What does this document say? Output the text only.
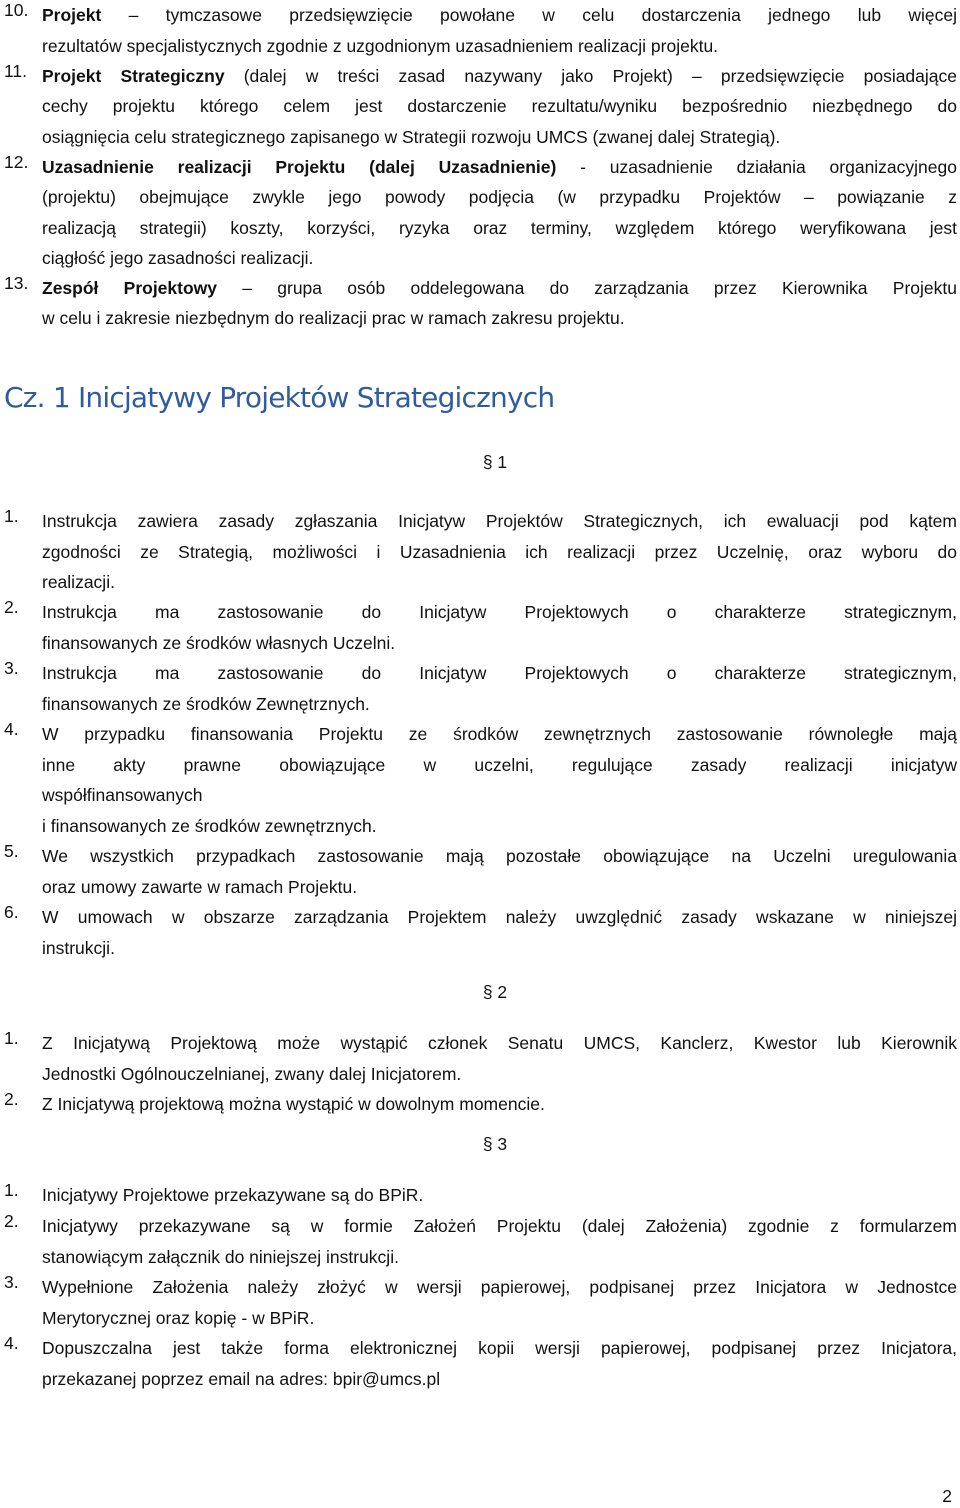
10. Projekt – tymczasowe przedsięwzięcie powołane w celu dostarczenia jednego lub więcej
rezultatów specjalistycznych zgodnie z uzgodnionym uzasadnieniem realizacji projektu.
11. Projekt Strategiczny (dalej w treści zasad nazywany jako Projekt) – przedsięwzięcie posiadające
cechy projektu którego celem jest dostarczenie rezultatu/wyniku bezpośrednio niezbędnego do
osiągnięcia celu strategicznego zapisanego w Strategii rozwoju UMCS (zwanej dalej Strategią).
12. Uzasadnienie realizacji Projektu (dalej Uzasadnienie) - uzasadnienie działania organizacyjnego
(projektu) obejmujące zwykle jego powody podjęcia (w przypadku Projektów – powiązanie z
realizacją strategii) koszty, korzyści, ryzyka oraz terminy, względem którego weryfikowana jest
ciągłość jego zasadności realizacji.
13. Zespół Projektowy – grupa osób oddelegowana do zarządzania przez Kierownika Projektu
w celu i zakresie niezbędnym do realizacji prac w ramach zakresu projektu.
Cz. 1 Inicjatywy Projektów Strategicznych
§ 1
1. Instrukcja zawiera zasady zgłaszania Inicjatyw Projektów Strategicznych, ich ewaluacji pod kątem
zgodności ze Strategią, możliwości i Uzasadnienia ich realizacji przez Uczelnię, oraz wyboru do
realizacji.
2. Instrukcja ma zastosowanie do Inicjatyw Projektowych o charakterze strategicznym,
finansowanych ze środków własnych Uczelni.
3. Instrukcja ma zastosowanie do Inicjatyw Projektowych o charakterze strategicznym,
finansowanych ze środków Zewnętrznych.
4. W przypadku finansowania Projektu ze środków zewnętrznych zastosowanie równoległe mają
inne akty prawne obowiązujące w uczelni, regulujące zasady realizacji inicjatyw
współfinansowanych
i finansowanych ze środków zewnętrznych.
5. We wszystkich przypadkach zastosowanie mają pozostałe obowiązujące na Uczelni uregulowania
oraz umowy zawarte w ramach Projektu.
6. W umowach w obszarze zarządzania Projektem należy uwzględnić zasady wskazane w niniejszej
instrukcji.
§ 2
1. Z Inicjatywą Projektową może wystąpić członek Senatu UMCS, Kanclerz, Kwestor lub Kierownik
Jednostki Ogólnouczelnianej, zwany dalej Inicjatorem.
2. Z Inicjatywą projektową można wystąpić w dowolnym momencie.
§ 3
1. Inicjatywy Projektowe przekazywane są do BPiR.
2. Inicjatywy przekazywane są w formie Założeń Projektu (dalej Założenia) zgodnie z formularzem
stanowiącym załącznik do niniejszej instrukcji.
3. Wypełnione Założenia należy złożyć w wersji papierowej, podpisanej przez Inicjatora w Jednostce
Merytorycznej oraz kopię - w BPiR.
4. Dopuszczalna jest także forma elektronicznej kopii wersji papierowej, podpisanej przez Inicjatora,
przekazanej poprzez email na adres: bpir@umcs.pl
2
